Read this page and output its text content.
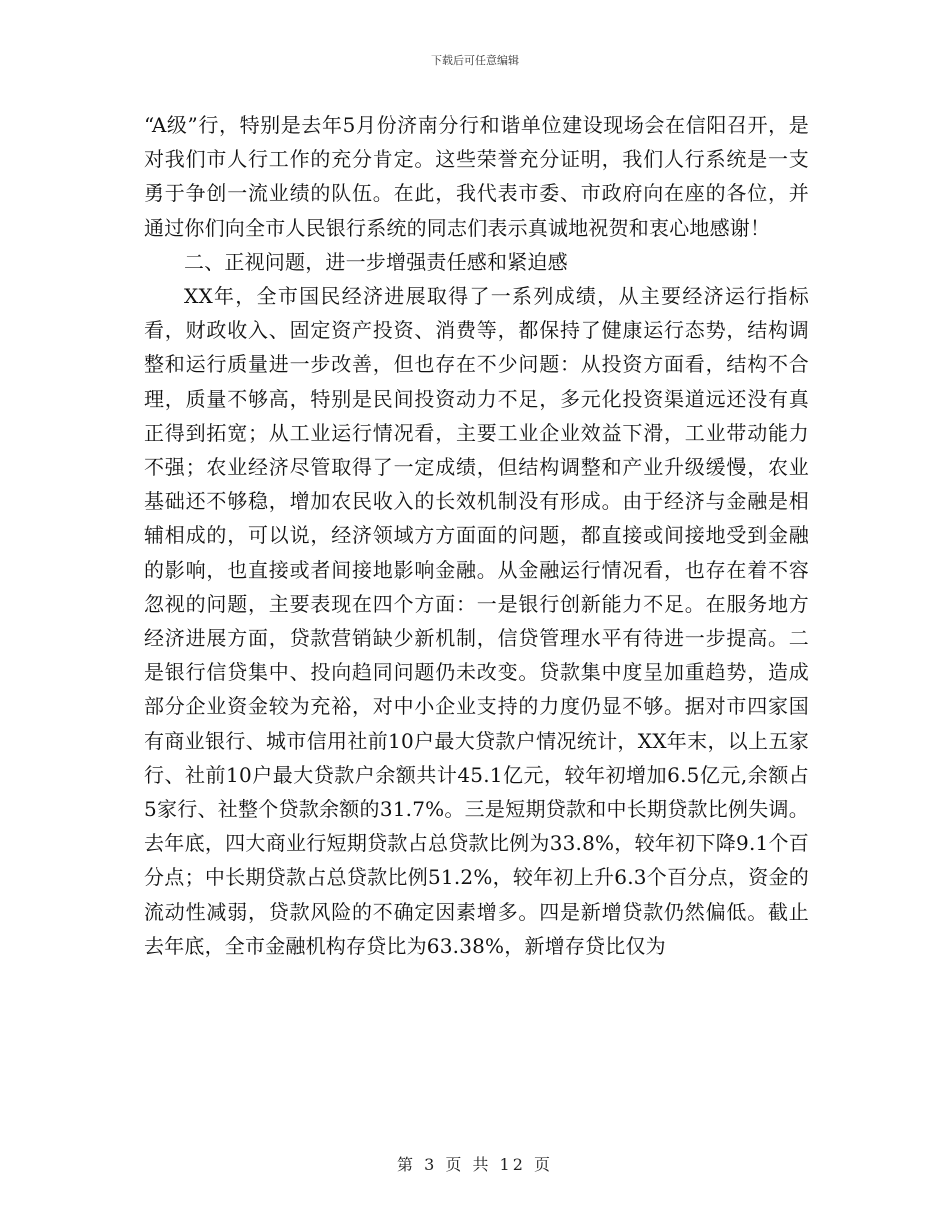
下载后可任意编辑

“A级”行，特别是去年5月份济南分行和谐单位建设现场会在信阳召开，是对我们市人行工作的充分肯定。这些荣誉充分证明，我们人行系统是一支勇于争创一流业绩的队伍。在此，我代表市委、市政府向在座的各位，并通过你们向全市人民银行系统的同志们表示真诚地祝贺和衷心地感谢！

二、正视问题，进一步增强责任感和紧迫感

XX年，全市国民经济进展取得了一系列成绩，从主要经济运行指标看，财政收入、固定资产投资、消费等，都保持了健康运行态势，结构调整和运行质量进一步改善，但也存在不少问题：从投资方面看，结构不合理，质量不够高，特别是民间投资动力不足，多元化投资渠道远还没有真正得到拓宽；从工业运行情况看，主要工业企业效益下滑，工业带动能力不强；农业经济尽管取得了一定成绩，但结构调整和产业升级缓慢，农业基础还不够稳，增加农民收入的长效机制没有形成。由于经济与金融是相辅相成的，可以说，经济领域方方面面的问题，都直接或间接地受到金融的影响，也直接或者间接地影响金融。从金融运行情况看，也存在着不容忽视的问题，主要表现在四个方面：一是银行创新能力不足。在服务地方经济进展方面，贷款营销缺少新机制，信贷管理水平有待进一步提高。二是银行信贷集中、投向趋同问题仍未改变。贷款集中度呈加重趋势，造成部分企业资金较为充裕，对中小企业支持的力度仍显不够。据对市四家国有商业银行、城市信用社前10户最大贷款户情况统计，XX年末，以上五家行、社前10户最大贷款户余额共计45.1亿元，较年初增加6.5亿元,余额占5家行、社整个贷款余额的31.7%。三是短期贷款和中长期贷款比例失调。去年底，四大商业行短期贷款占总贷款比例为33.8%，较年初下降9.1个百分点；中长期贷款占总贷款比例51.2%，较年初上升6.3个百分点，资金的流动性减弱，贷款风险的不确定因素增多。四是新增贷款仍然偏低。截止去年底，全市金融机构存贷比为63.38%，新增存贷比仅为

第 3 页 共 12 页
